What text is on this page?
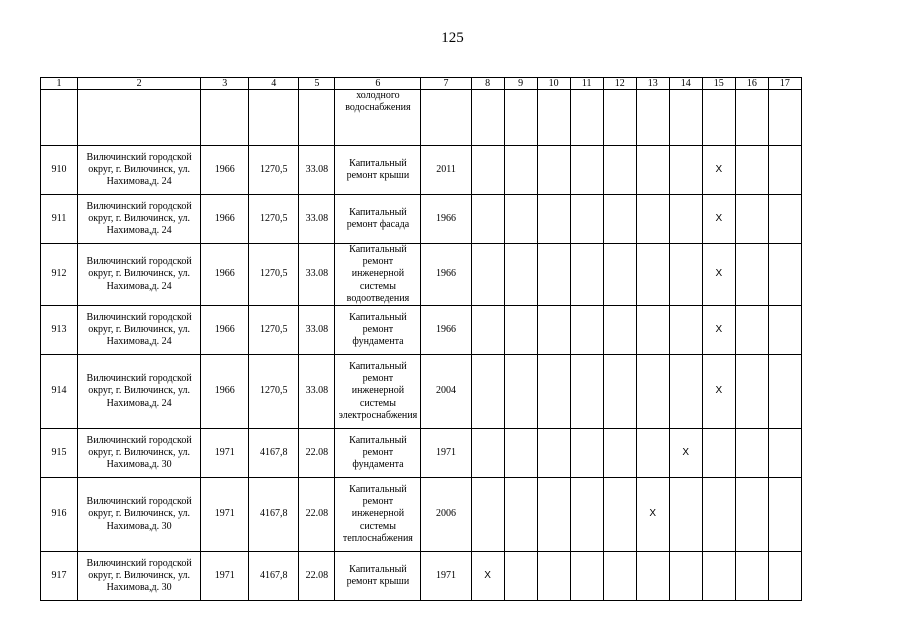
125
1	2	3	4	5	6	7	8	9	10	11	12	13	14	15	16	17
					холодного водоснабжения											
910	Вилючинский городской округ, г. Вилючинск, ул. Нахимова,д. 24	1966	1270,5	33.08	Капитальный ремонт крыши	2011								X		
911	Вилючинский городской округ, г. Вилючинск, ул. Нахимова,д. 24	1966	1270,5	33.08	Капитальный ремонт фасада	1966								X		
912	Вилючинский городской округ, г. Вилючинск, ул. Нахимова,д. 24	1966	1270,5	33.08	Капитальный ремонт инженерной системы водоотведения	1966								X		
913	Вилючинский городской округ, г. Вилючинск, ул. Нахимова,д. 24	1966	1270,5	33.08	Капитальный ремонт фундамента	1966								X		
914	Вилючинский городской округ, г. Вилючинск, ул. Нахимова,д. 24	1966	1270,5	33.08	Капитальный ремонт инженерной системы электроснабжения	2004								X		
915	Вилючинский городской округ, г. Вилючинск, ул. Нахимова,д. 30	1971	4167,8	22.08	Капитальный ремонт фундамента	1971							X			
916	Вилючинский городской округ, г. Вилючинск, ул. Нахимова,д. 30	1971	4167,8	22.08	Капитальный ремонт инженерной системы теплоснабжения	2006						X				
917	Вилючинский городской округ, г. Вилючинск, ул. Нахимова,д. 30	1971	4167,8	22.08	Капитальный ремонт крыши	1971	X									
